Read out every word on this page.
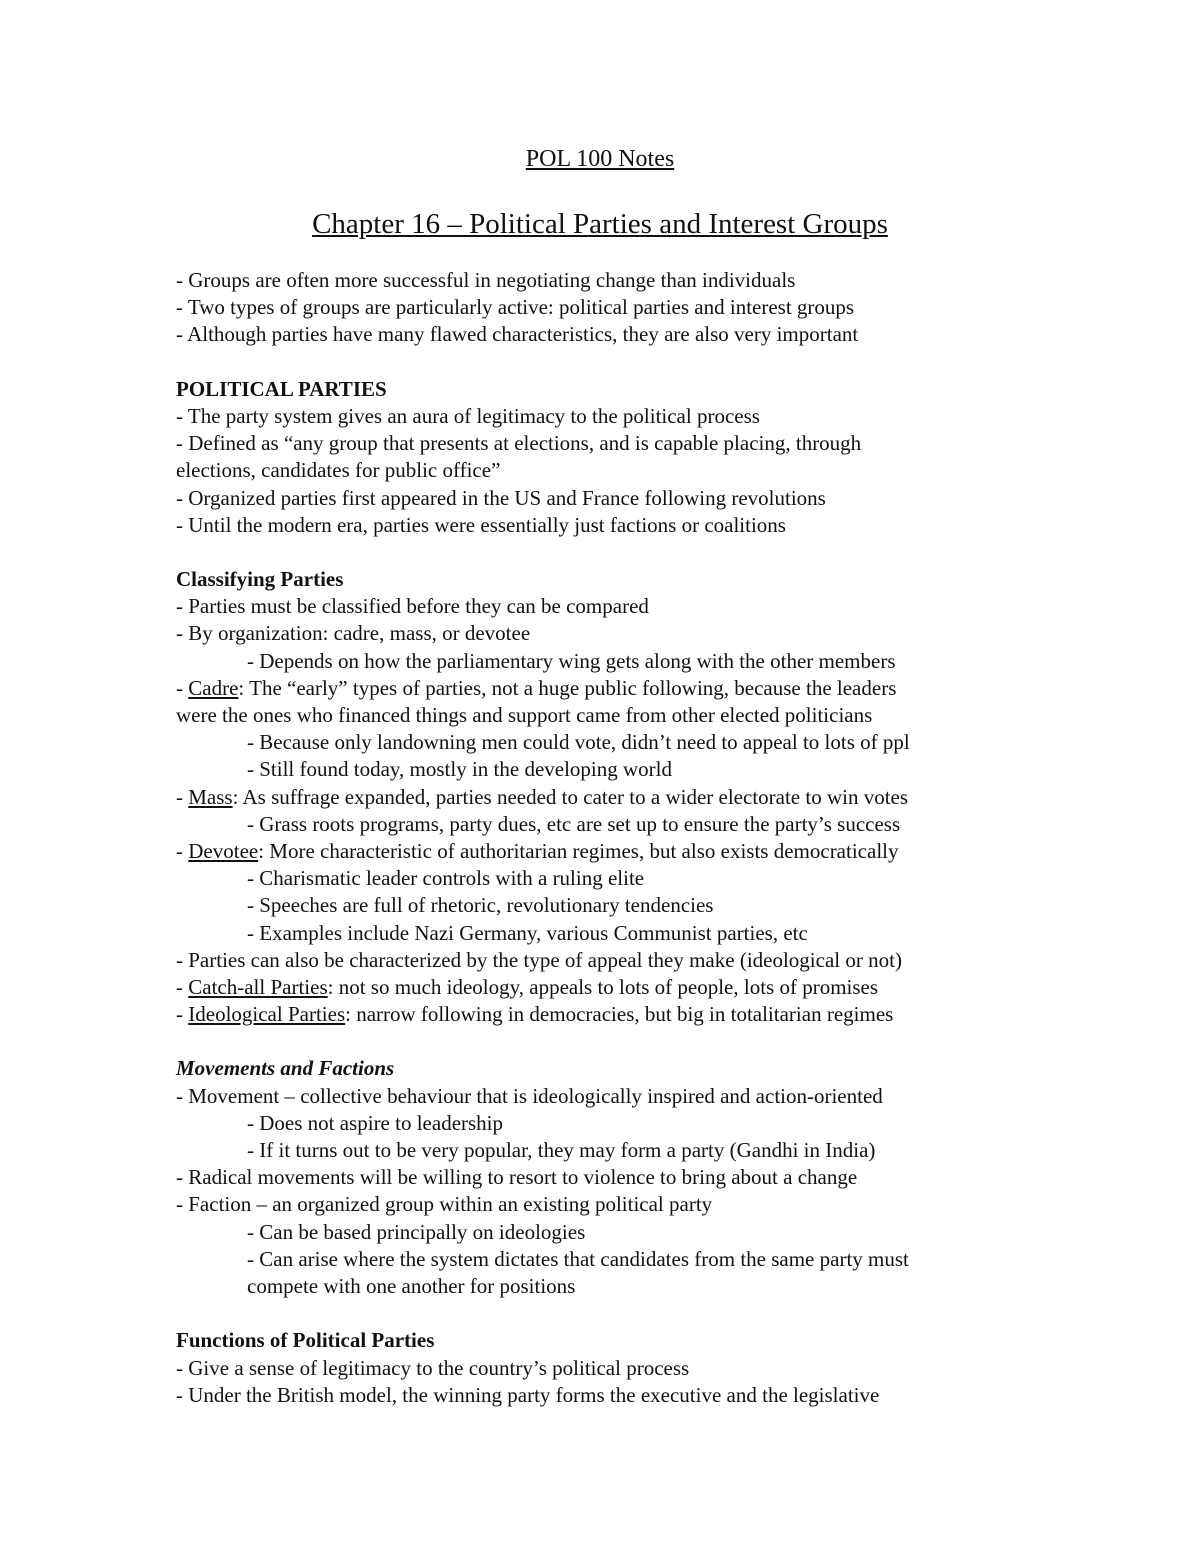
POL 100 Notes
Chapter 16 – Political Parties and Interest Groups
- Groups are often more successful in negotiating change than individuals
- Two types of groups are particularly active: political parties and interest groups
- Although parties have many flawed characteristics, they are also very important
POLITICAL PARTIES
- The party system gives an aura of legitimacy to the political process
- Defined as “any group that presents at elections, and is capable placing, through
elections, candidates for public office”
- Organized parties first appeared in the US and France following revolutions
- Until the modern era, parties were essentially just factions or coalitions
Classifying Parties
- Parties must be classified before they can be compared
- By organization: cadre, mass, or devotee
- Depends on how the parliamentary wing gets along with the other members
- Cadre: The “early” types of parties, not a huge public following, because the leaders
were the ones who financed things and support came from other elected politicians
- Because only landowning men could vote, didn’t need to appeal to lots of ppl
- Still found today, mostly in the developing world
- Mass: As suffrage expanded, parties needed to cater to a wider electorate to win votes
- Grass roots programs, party dues, etc are set up to ensure the party’s success
- Devotee: More characteristic of authoritarian regimes, but also exists democratically
- Charismatic leader controls with a ruling elite
- Speeches are full of rhetoric, revolutionary tendencies
- Examples include Nazi Germany, various Communist parties, etc
- Parties can also be characterized by the type of appeal they make (ideological or not)
- Catch-all Parties: not so much ideology, appeals to lots of people, lots of promises
- Ideological Parties: narrow following in democracies, but big in totalitarian regimes
Movements and Factions
- Movement – collective behaviour that is ideologically inspired and action-oriented
- Does not aspire to leadership
- If it turns out to be very popular, they may form a party (Gandhi in India)
- Radical movements will be willing to resort to violence to bring about a change
- Faction – an organized group within an existing political party
- Can be based principally on ideologies
- Can arise where the system dictates that candidates from the same party must
compete with one another for positions
Functions of Political Parties
- Give a sense of legitimacy to the country’s political process
- Under the British model, the winning party forms the executive and the legislative
